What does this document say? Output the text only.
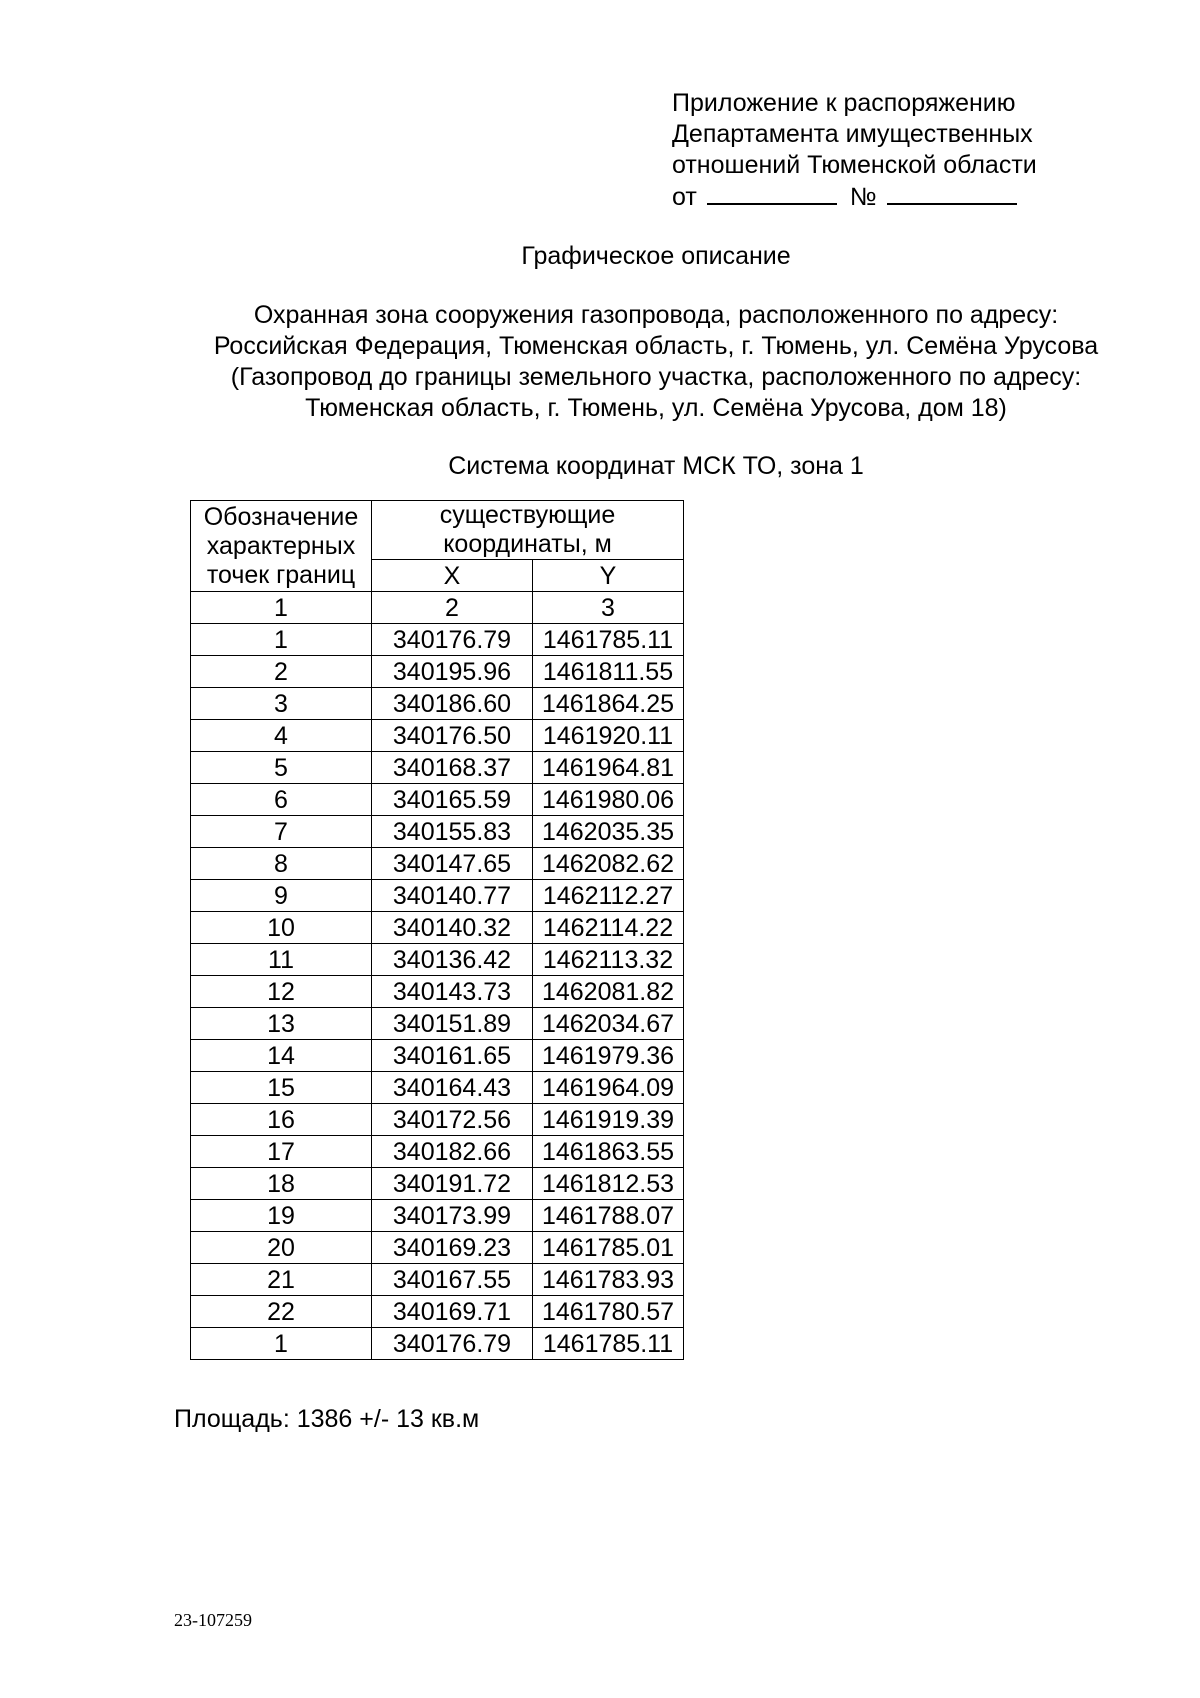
Приложение к распоряжению
Департамента имущественных
отношений Тюменской области
от	№
Графическое описание
Охранная зона сооружения газопровода, расположенного по адресу:
Российская Федерация, Тюменская область, г. Тюмень, ул. Семёна Урусова
(Газопровод до границы земельного участка, расположенного по адресу:
Тюменская область, г. Тюмень, ул. Семёна Урусова, дом 18)
Система координат МСК ТО, зона 1
Обозначение характерных точек границ	существующие координаты, м	

	X	Y
1	2	3
1	340176.79	1461785.11
2	340195.96	1461811.55
3	340186.60	1461864.25
4	340176.50	1461920.11
5	340168.37	1461964.81
6	340165.59	1461980.06
7	340155.83	1462035.35
8	340147.65	1462082.62
9	340140.77	1462112.27
10	340140.32	1462114.22
11	340136.42	1462113.32
12	340143.73	1462081.82
13	340151.89	1462034.67
14	340161.65	1461979.36
15	340164.43	1461964.09
16	340172.56	1461919.39
17	340182.66	1461863.55
18	340191.72	1461812.53
19	340173.99	1461788.07
20	340169.23	1461785.01
21	340167.55	1461783.93
22	340169.71	1461780.57
1	340176.79	1461785.11
Площадь: 1386 +/- 13 кв.м
23-107259
